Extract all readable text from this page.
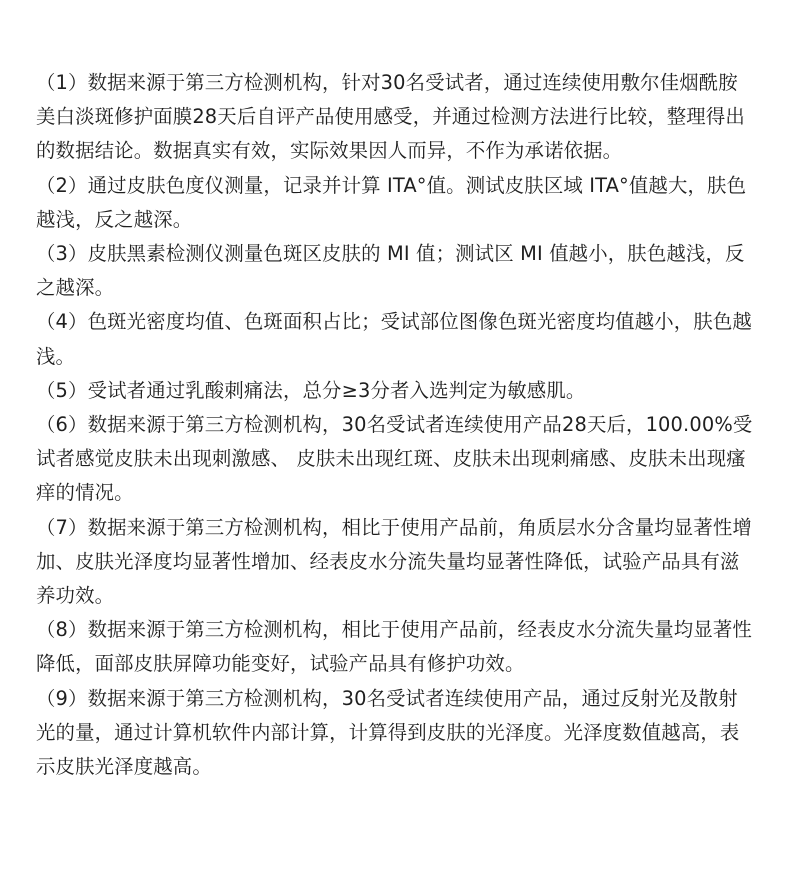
（1）数据来源于第三方检测机构，针对30名受试者，通过连续使用敷尔佳烟酰胺美白淡斑修护面膜28天后自评产品使用感受，并通过检测方法进行比较，整理得出的数据结论。数据真实有效，实际效果因人而异，不作为承诺依据。
（2）通过皮肤色度仪测量，记录并计算 ITA°值。测试皮肤区域 ITA°值越大，肤色越浅，反之越深。
（3）皮肤黑素检测仪测量色斑区皮肤的 MI 值；测试区 MI 值越小，肤色越浅，反之越深。
（4）色斑光密度均值、色斑面积占比；受试部位图像色斑光密度均值越小，肤色越浅。
（5）受试者通过乳酸刺痛法，总分≥3分者入选判定为敏感肌。
（6）数据来源于第三方检测机构，30名受试者连续使用产品28天后，100.00%受试者感觉皮肤未出现刺激感、 皮肤未出现红斑、皮肤未出现刺痛感、皮肤未出现瘙痒的情况。
（7）数据来源于第三方检测机构，相比于使用产品前，角质层水分含量均显著性增加、皮肤光泽度均显著性增加、经表皮水分流失量均显著性降低，试验产品具有滋养功效。
（8）数据来源于第三方检测机构，相比于使用产品前，经表皮水分流失量均显著性降低，面部皮肤屏障功能变好，试验产品具有修护功效。
（9）数据来源于第三方检测机构，30名受试者连续使用产品，通过反射光及散射光的量，通过计算机软件内部计算，计算得到皮肤的光泽度。光泽度数值越高，表示皮肤光泽度越高。
